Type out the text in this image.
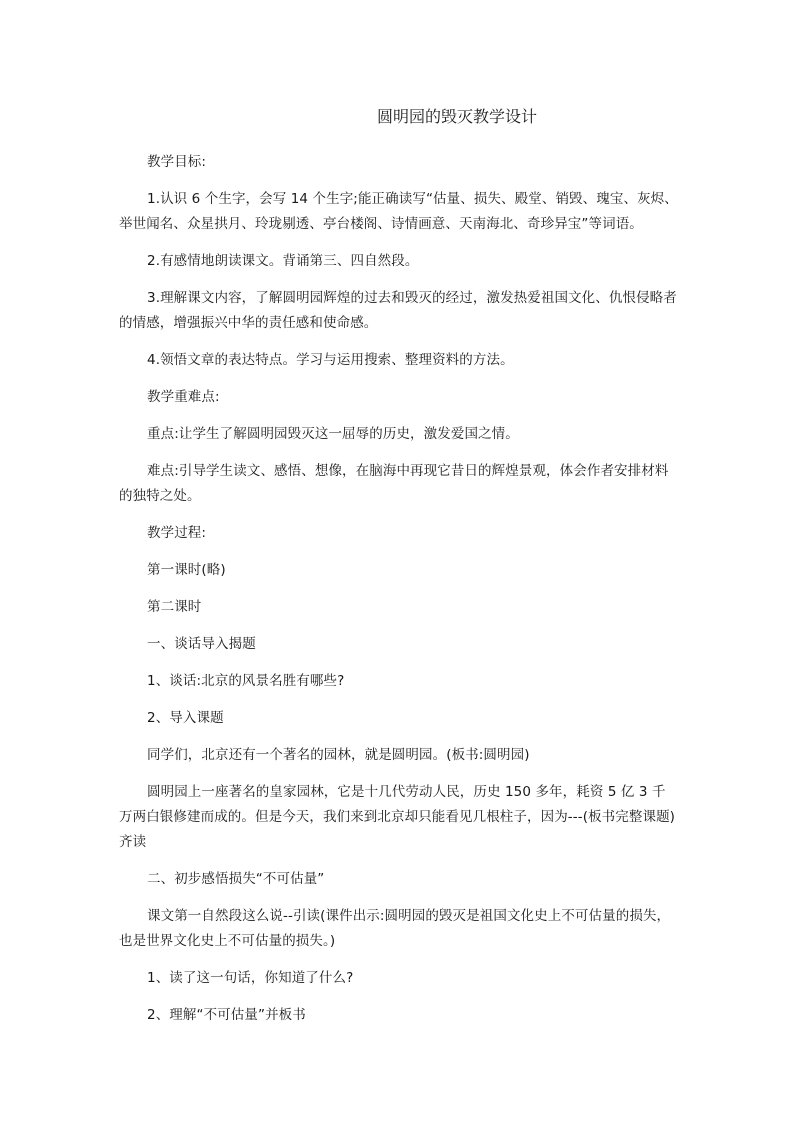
圆明园的毁灭教学设计

教学目标:

1.认识 6 个生字，会写 14 个生字;能正确读写“估量、损失、殿堂、销毁、瑰宝、灰烬、举世闻名、众星拱月、玲珑剔透、亭台楼阁、诗情画意、天南海北、奇珍异宝”等词语。

2.有感情地朗读课文。背诵第三、四自然段。

3.理解课文内容，了解圆明园辉煌的过去和毁灭的经过，激发热爱祖国文化、仇恨侵略者的情感，增强振兴中华的责任感和使命感。

4.领悟文章的表达特点。学习与运用搜索、整理资料的方法。

教学重难点:

重点:让学生了解圆明园毁灭这一屈辱的历史，激发爱国之情。

难点:引导学生读文、感悟、想像，在脑海中再现它昔日的辉煌景观，体会作者安排材料的独特之处。

教学过程:

第一课时(略)

第二课时

一、谈话导入揭题

1、谈话:北京的风景名胜有哪些?

2、导入课题

同学们，北京还有一个著名的园林，就是圆明园。(板书:圆明园)

圆明园上一座著名的皇家园林，它是十几代劳动人民，历史 150 多年，耗资 5 亿 3 千万两白银修建而成的。但是今天，我们来到北京却只能看见几根柱子，因为---(板书完整课题)齐读

二、初步感悟损失“不可估量”

课文第一自然段这么说--引读(课件出示:圆明园的毁灭是祖国文化史上不可估量的损失，也是世界文化史上不可估量的损失。)

1、读了这一句话，你知道了什么?

2、理解“不可估量”并板书
